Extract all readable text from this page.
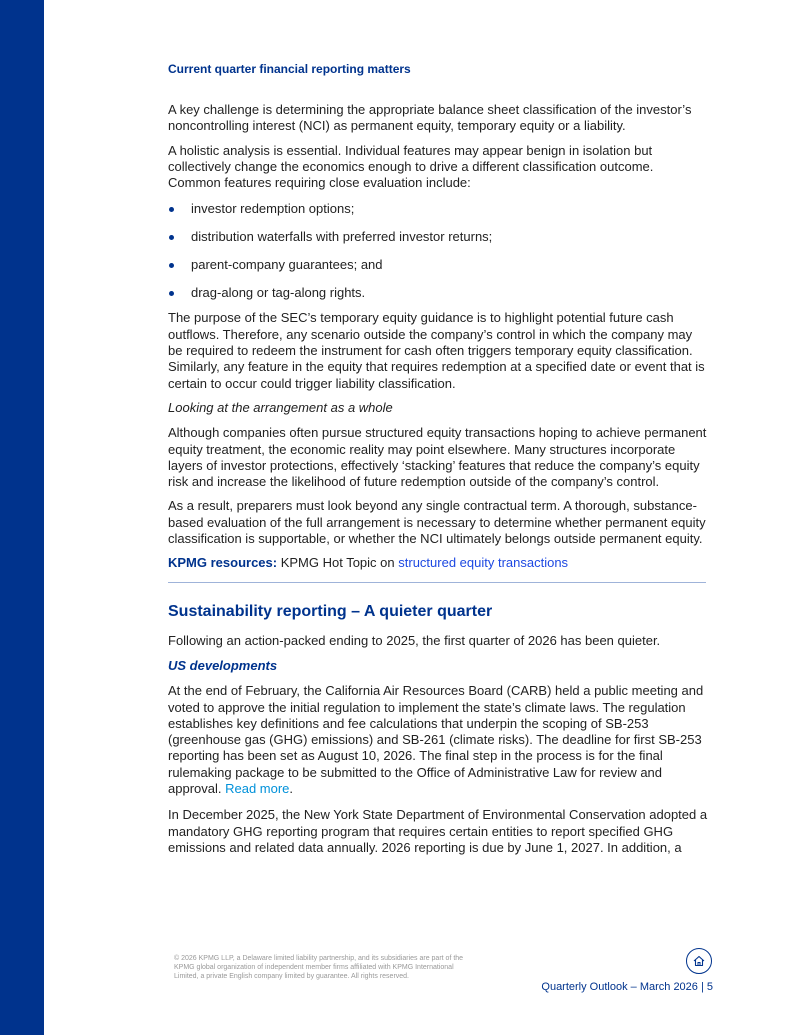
Current quarter financial reporting matters

A key challenge is determining the appropriate balance sheet classification of the investor’s noncontrolling interest (NCI) as permanent equity, temporary equity or a liability.

A holistic analysis is essential. Individual features may appear benign in isolation but collectively change the economics enough to drive a different classification outcome. Common features requiring close evaluation include:

investor redemption options;
distribution waterfalls with preferred investor returns;
parent-company guarantees; and
drag-along or tag-along rights.

The purpose of the SEC’s temporary equity guidance is to highlight potential future cash outflows. Therefore, any scenario outside the company’s control in which the company may be required to redeem the instrument for cash often triggers temporary equity classification. Similarly, any feature in the equity that requires redemption at a specified date or event that is certain to occur could trigger liability classification.

Looking at the arrangement as a whole

Although companies often pursue structured equity transactions hoping to achieve permanent equity treatment, the economic reality may point elsewhere. Many structures incorporate layers of investor protections, effectively ‘stacking’ features that reduce the company’s equity risk and increase the likelihood of future redemption outside of the company’s control.

As a result, preparers must look beyond any single contractual term. A thorough, substance-based evaluation of the full arrangement is necessary to determine whether permanent equity classification is supportable, or whether the NCI ultimately belongs outside permanent equity.

KPMG resources: KPMG Hot Topic on structured equity transactions

Sustainability reporting – A quieter quarter

Following an action-packed ending to 2025, the first quarter of 2026 has been quieter.

US developments

At the end of February, the California Air Resources Board (CARB) held a public meeting and voted to approve the initial regulation to implement the state’s climate laws. The regulation establishes key definitions and fee calculations that underpin the scoping of SB-253 (greenhouse gas (GHG) emissions) and SB-261 (climate risks). The deadline for first SB-253 reporting has been set as August 10, 2026. The final step in the process is for the final rulemaking package to be submitted to the Office of Administrative Law for review and approval. Read more.

In December 2025, the New York State Department of Environmental Conservation adopted a mandatory GHG reporting program that requires certain entities to report specified GHG emissions and related data annually. 2026 reporting is due by June 1, 2027. In addition, a

© 2026 KPMG LLP, a Delaware limited liability partnership, and its subsidiaries are part of the KPMG global organization of independent member firms affiliated with KPMG International Limited, a private English company limited by guarantee. All rights reserved.
Quarterly Outlook – March 2026 | 5
